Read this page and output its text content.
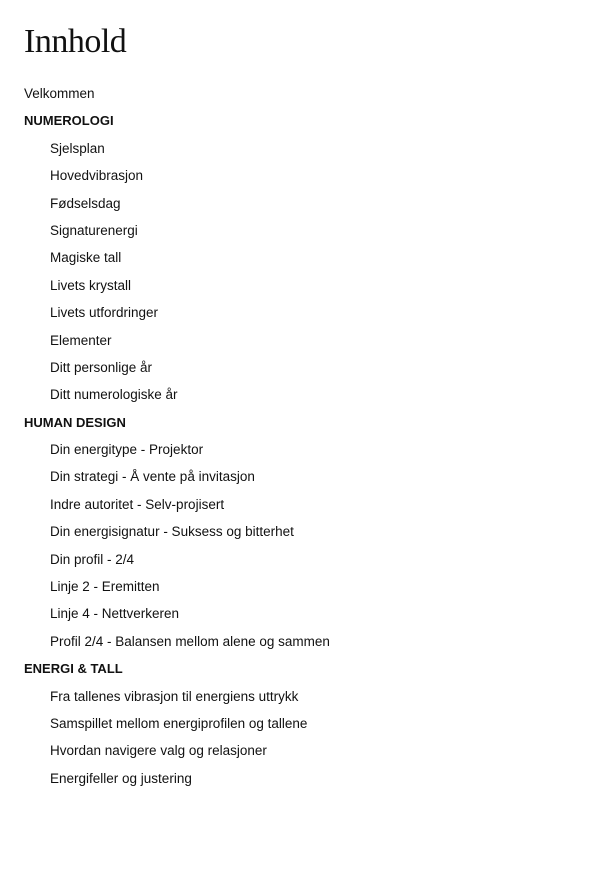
Innhold
Velkommen
NUMEROLOGI
Sjelsplan
Hovedvibrasjon
Fødselsdag
Signaturenergi
Magiske tall
Livets krystall
Livets utfordringer
Elementer
Ditt personlige år
Ditt numerologiske år
HUMAN DESIGN
Din energitype - Projektor
Din strategi - Å vente på invitasjon
Indre autoritet - Selv-projisert
Din energisignatur - Suksess og bitterhet
Din profil - 2/4
Linje 2 - Eremitten
Linje 4 - Nettverkeren
Profil 2/4 - Balansen mellom alene og sammen
ENERGI & TALL
Fra tallenes vibrasjon til energiens uttrykk
Samspillet mellom energiprofilen og tallene
Hvordan navigere valg og relasjoner
Energifeller og justering
